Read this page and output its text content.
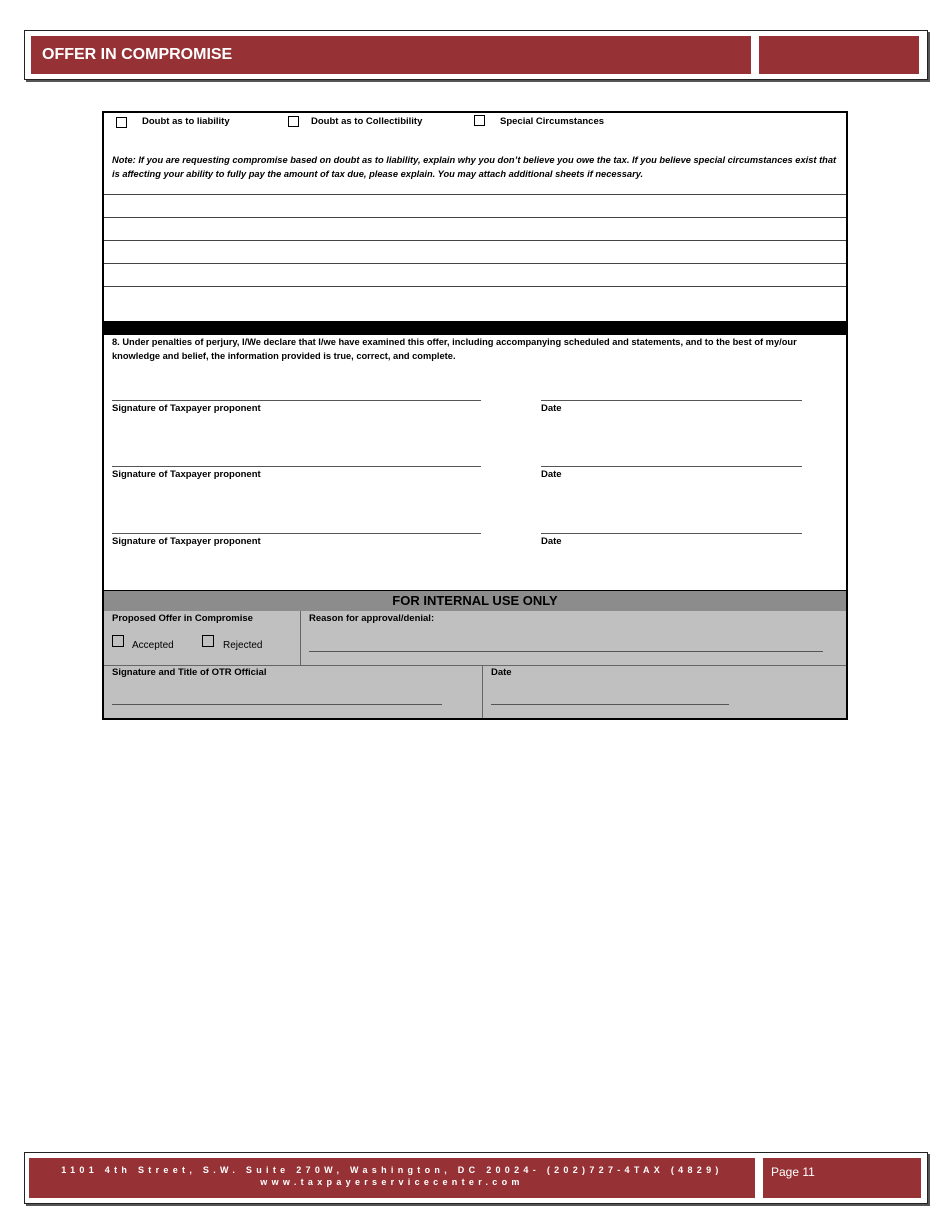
OFFER IN COMPROMISE
Doubt as to liability	Doubt as to Collectibility	Special Circumstances
Note: If you are requesting compromise based on doubt as to liability, explain why you don’t believe you owe the tax. If you believe special circumstances exist that is affecting your ability to fully pay the amount of tax due, please explain. You may attach additional sheets if necessary.
8. Under penalties of perjury, I/We declare that I/we have examined this offer, including accompanying scheduled and statements, and to the best of my/our knowledge and belief, the information provided is true, correct, and complete.
Signature of Taxpayer proponent	Date
Signature of Taxpayer proponent	Date
Signature of Taxpayer proponent	Date
FOR INTERNAL USE ONLY
Proposed Offer in Compromise
Accepted	Rejected
Reason for approval/denial:
Signature and Title of OTR Official	Date
1101 4th Street, S.W. Suite 270W, Washington, DC 20024- (202)727-4TAX (4829)
www.taxpayerservicecenter.com
Page 11
